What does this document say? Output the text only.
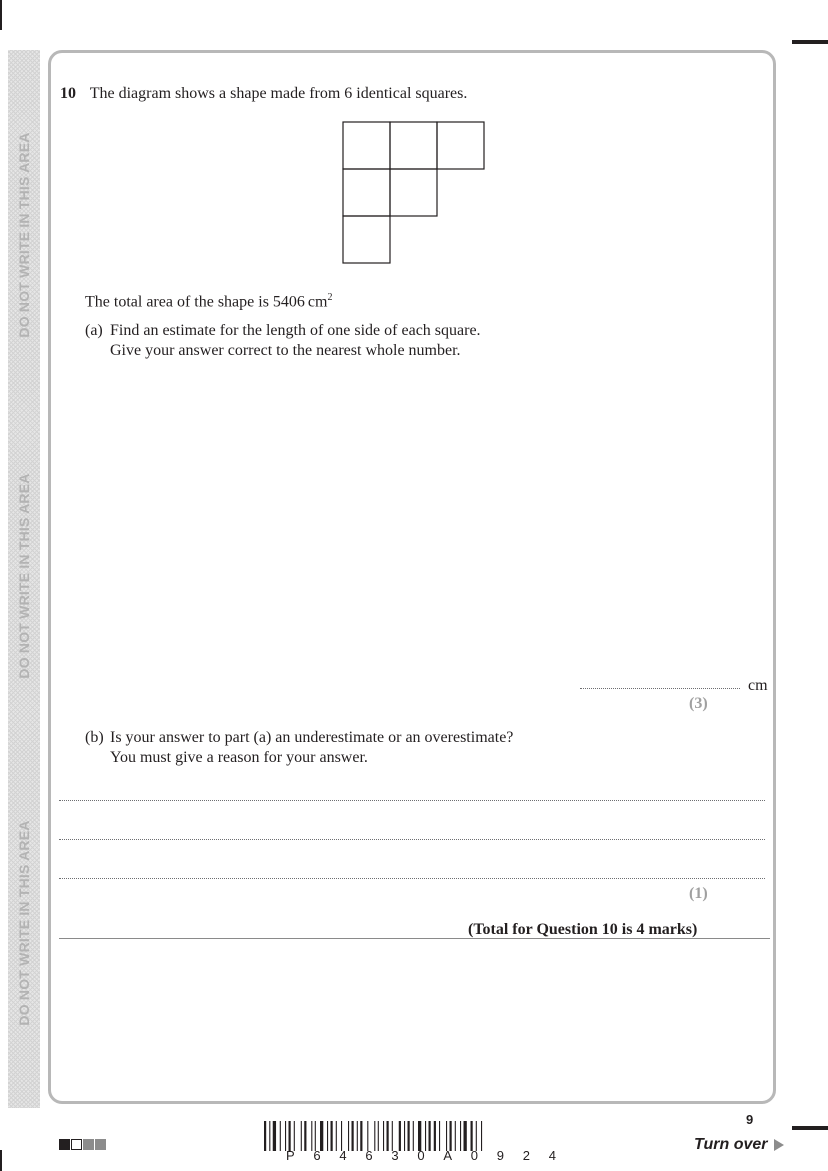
DO NOT WRITE IN THIS AREA
DO NOT WRITE IN THIS AREA
DO NOT WRITE IN THIS AREA
10 The diagram shows a shape made from 6 identical squares.
The total area of the shape is 5406 $cm^2$
(a) Find an estimate for the length of one side of each square.
Give your answer correct to the nearest whole number.
cm
(3)
(b) Is your answer to part (a) an underestimate or an overestimate?
You must give a reason for your answer.
(1)
(Total for Question 10 is 4 marks)
P 6 4 6 3 0 A 0 9 2 4
9
Turn over
